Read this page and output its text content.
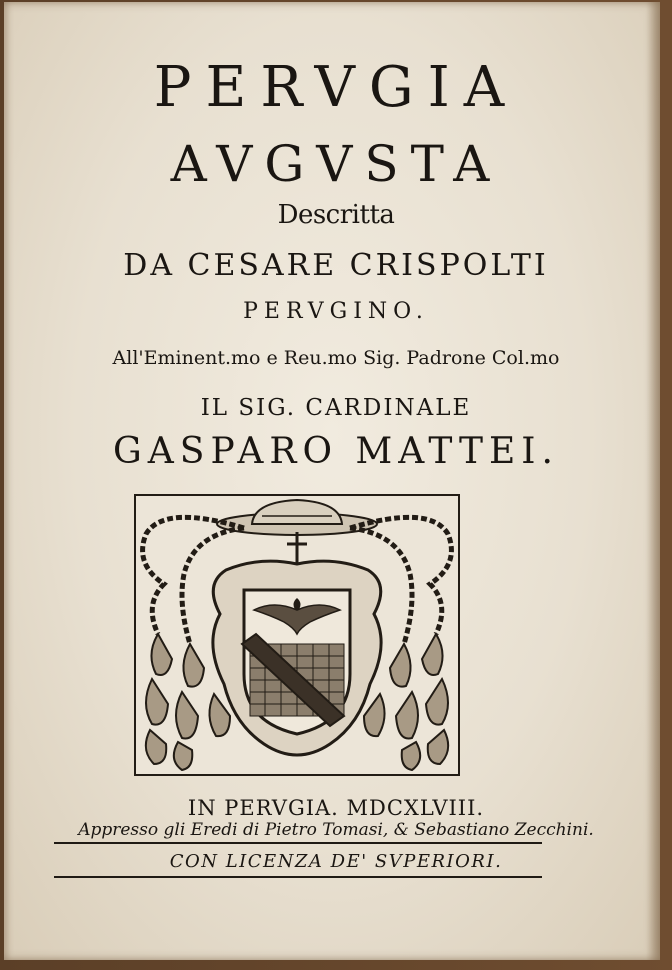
PERVGIA

AVGVSTA

Descritta

DA CESARE CRISPOLTI

PERVGINO.

All'Eminent.mo e Reu.mo Sig. Padrone Col.mo

IL SIG. CARDINALE

GASPARO MATTEI.

IN PERVGIA. MDCXLVIII.

Appresso gli Eredi di Pietro Tomasi, & Sebastiano Zecchini.

CON LICENZA DE' SVPERIORI.
